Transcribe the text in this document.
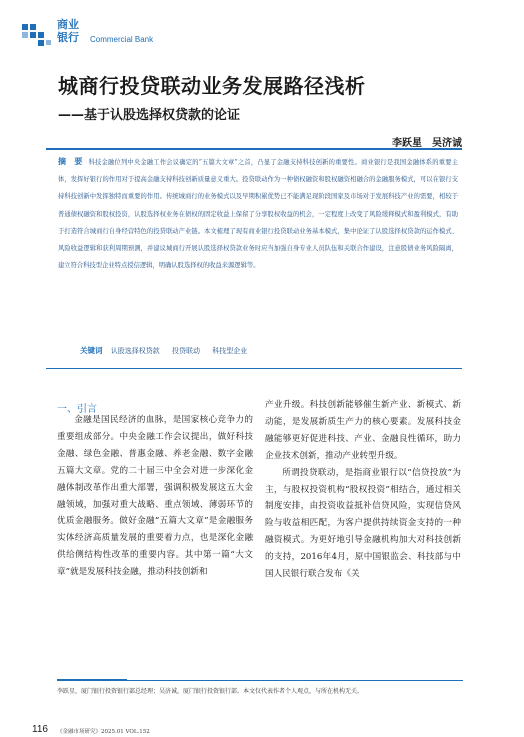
商业
银行 Commercial Bank
城商行投贷联动业务发展路径浅析
——基于认股选择权贷款的论证
李跃星　吴济诚
摘　要 科技金融位列中央金融工作会议确定的“五篇大文章”之首，凸显了金融支持科技创新的重要性。商业银行是我国金融体系的重要主体，发挥好银行的作用对于提高金融支持科技创新质量意义重大。投贷联动作为一种债权融资和股权融资相融合的金融服务模式，可以在银行支持科技创新中发挥独特而重要的作用。传统城商行的业务模式以及早期积累优势已不能满足现阶段国家及市场对于发展科技产业的需要，相较于普通债权融资和股权投资，认股选择权业务在债权的固定收益上保留了分享股权收益的机会，一定程度上改变了风险缓释模式和盈利模式，有助于打造符合城商行自身经营特色的投贷联动产业链。本文梳理了现有商业银行投贷联动业务基本模式，集中论证了认股选择权贷款的运作模式、风险收益逻辑和获利周期预测，并建议城商行开展认股选择权贷款业务时应当加强自身专业人员队伍和关联合作建设，注意股债业务风险隔离，建立符合科技型企业特点授信逻辑，明确认股选择权的收益来源逻辑等。
关键词 认股选择权贷款 投贷联动 科技型企业
一、引言

金融是国民经济的血脉，是国家核心竞争力的重要组成部分。中央金融工作会议提出，做好科技金融、绿色金融、普惠金融、养老金融、数字金融五篇大文章。党的二十届三中全会对进一步深化金融体制改革作出重大部署，强调积极发展这五大金融领域，加强对重大战略、重点领域、薄弱环节的优质金融服务。做好金融“五篇大文章”是金融服务实体经济高质量发展的重要着力点，也是深化金融供给侧结构性改革的重要内容。其中第一篇“大文章”就是发展科技金融，推动科技创新和

产业升级。科技创新能够催生新产业、新模式、新动能，是发展新质生产力的核心要素。发展科技金融能够更好促进科技、产业、金融良性循环，助力企业技术创新，推动产业转型升级。

所谓投贷联动，是指商业银行以“信贷投放”为主，与股权投资机构“股权投资”相结合，通过相关制度安排，由投资收益抵补信贷风险，实现信贷风险与收益相匹配，为客户提供持续资金支持的一种融资模式。为更好地引导金融机构加大对科技创新的支持，2016年4月，原中国银监会、科技部与中国人民银行联合发布《关

李跃星，厦门银行投资银行部总经理；吴济诚，厦门银行投资银行部。本文仅代表作者个人观点，与所在机构无关。
116 《金融市场研究》2025.01 VOL.152
